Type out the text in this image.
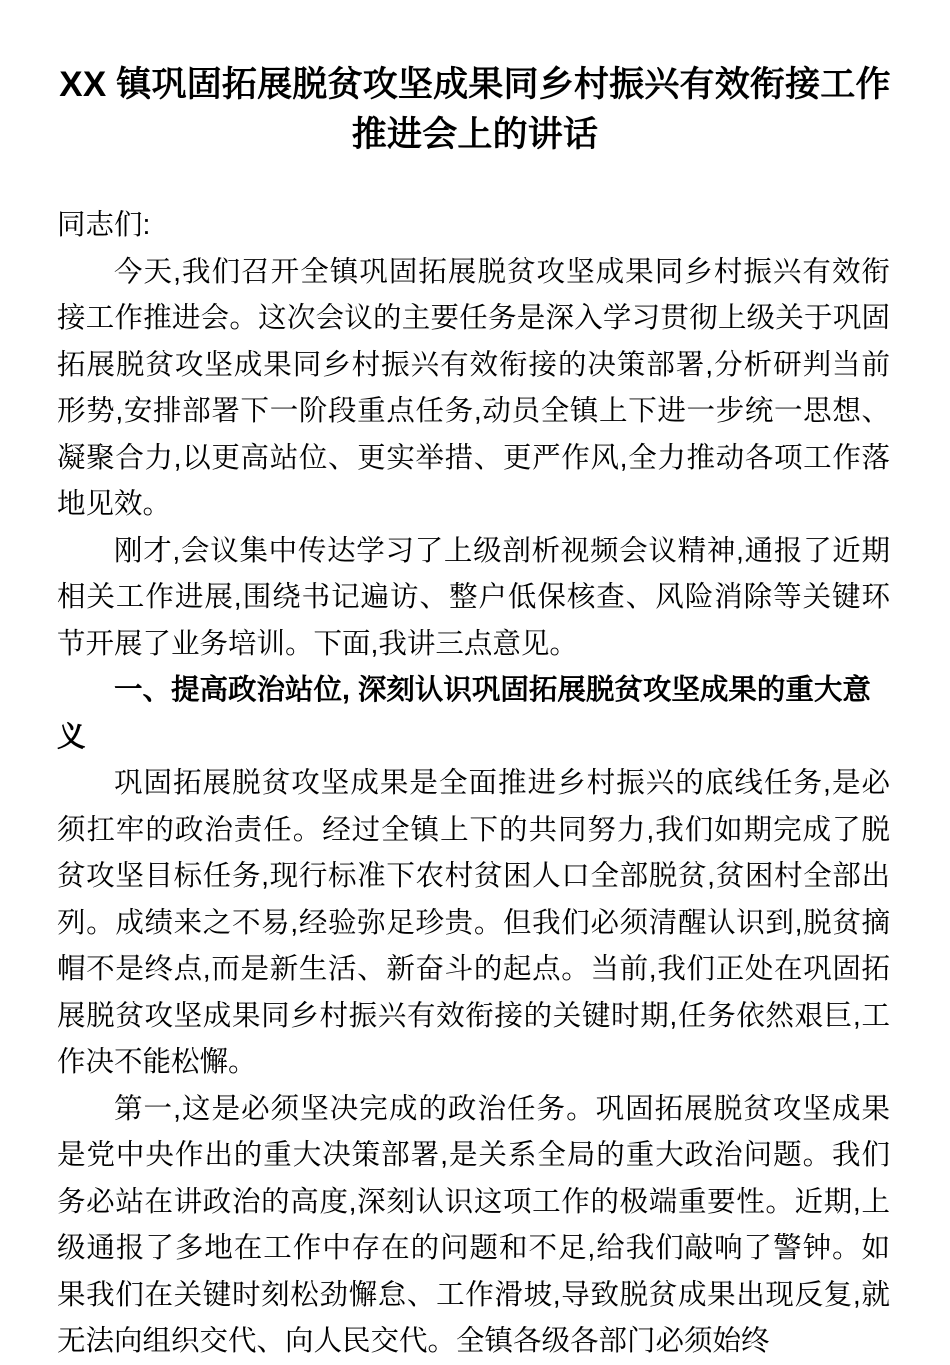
XX 镇巩固拓展脱贫攻坚成果同乡村振兴有效衔接工作推进会上的讲话

同志们:

今天,我们召开全镇巩固拓展脱贫攻坚成果同乡村振兴有效衔接工作推进会。这次会议的主要任务是深入学习贯彻上级关于巩固拓展脱贫攻坚成果同乡村振兴有效衔接的决策部署,分析研判当前形势,安排部署下一阶段重点任务,动员全镇上下进一步统一思想、凝聚合力,以更高站位、更实举措、更严作风,全力推动各项工作落地见效。

刚才,会议集中传达学习了上级剖析视频会议精神,通报了近期相关工作进展,围绕书记遍访、整户低保核查、风险消除等关键环节开展了业务培训。下面,我讲三点意见。

一、提高政治站位, 深刻认识巩固拓展脱贫攻坚成果的重大意义

巩固拓展脱贫攻坚成果是全面推进乡村振兴的底线任务,是必须扛牢的政治责任。经过全镇上下的共同努力,我们如期完成了脱贫攻坚目标任务,现行标准下农村贫困人口全部脱贫,贫困村全部出列。成绩来之不易,经验弥足珍贵。但我们必须清醒认识到,脱贫摘帽不是终点,而是新生活、新奋斗的起点。当前,我们正处在巩固拓展脱贫攻坚成果同乡村振兴有效衔接的关键时期,任务依然艰巨,工作决不能松懈。

第一,这是必须坚决完成的政治任务。巩固拓展脱贫攻坚成果是党中央作出的重大决策部署,是关系全局的重大政治问题。我们务必站在讲政治的高度,深刻认识这项工作的极端重要性。近期,上级通报了多地在工作中存在的问题和不足,给我们敲响了警钟。如果我们在关键时刻松劲懈怠、工作滑坡,导致脱贫成果出现反复,就无法向组织交代、向人民交代。全镇各级各部门必须始终
